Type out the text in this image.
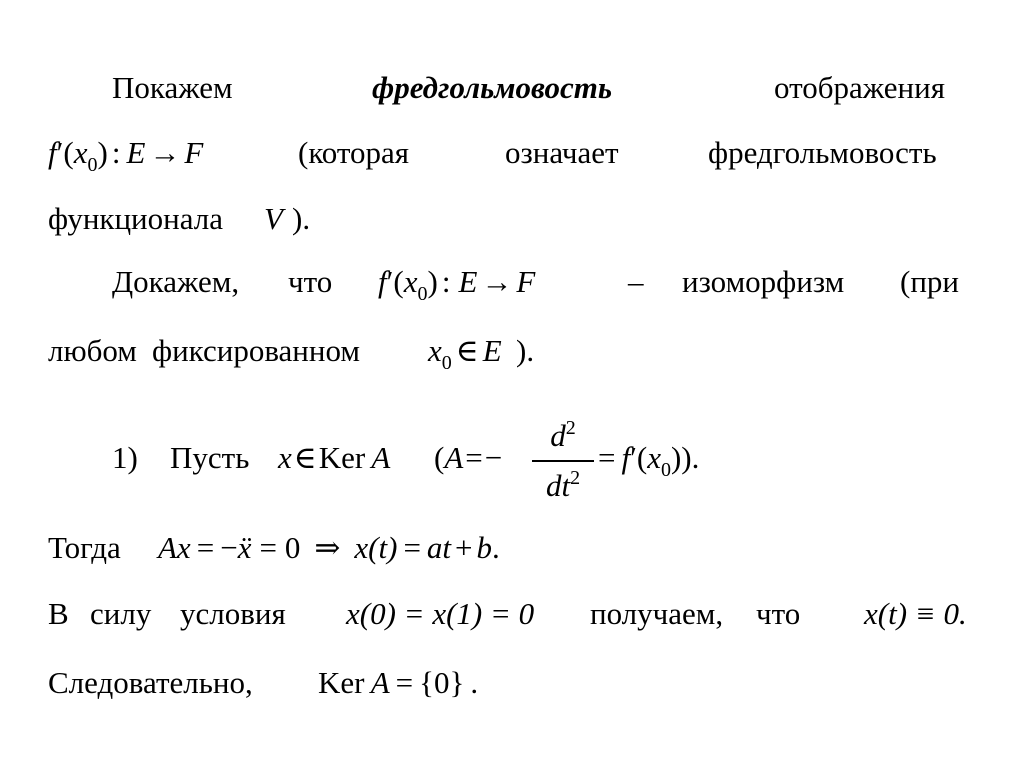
Покажем	фредгольмовость	отображения
$f'(x_0)$ : E → F	(которая	означает	фредгольмовость
функционала V ).
Докажем, что $f'(x_0)$ : E → F	– изоморфизм (при
любом фиксированном $x_0$ ∈ E ).
1) Пусть x∈Ker  A (A=−
$d^2$
$dt^2$
= $f'(x_0)$).
Тогда Ax = −ẍ = 0 ⇒ x(t) = at + b.
В силу условия x(0) = x(1) = 0 получаем, что x(t) ≡ 0.
Следовательно, Ker  A = {0} .
